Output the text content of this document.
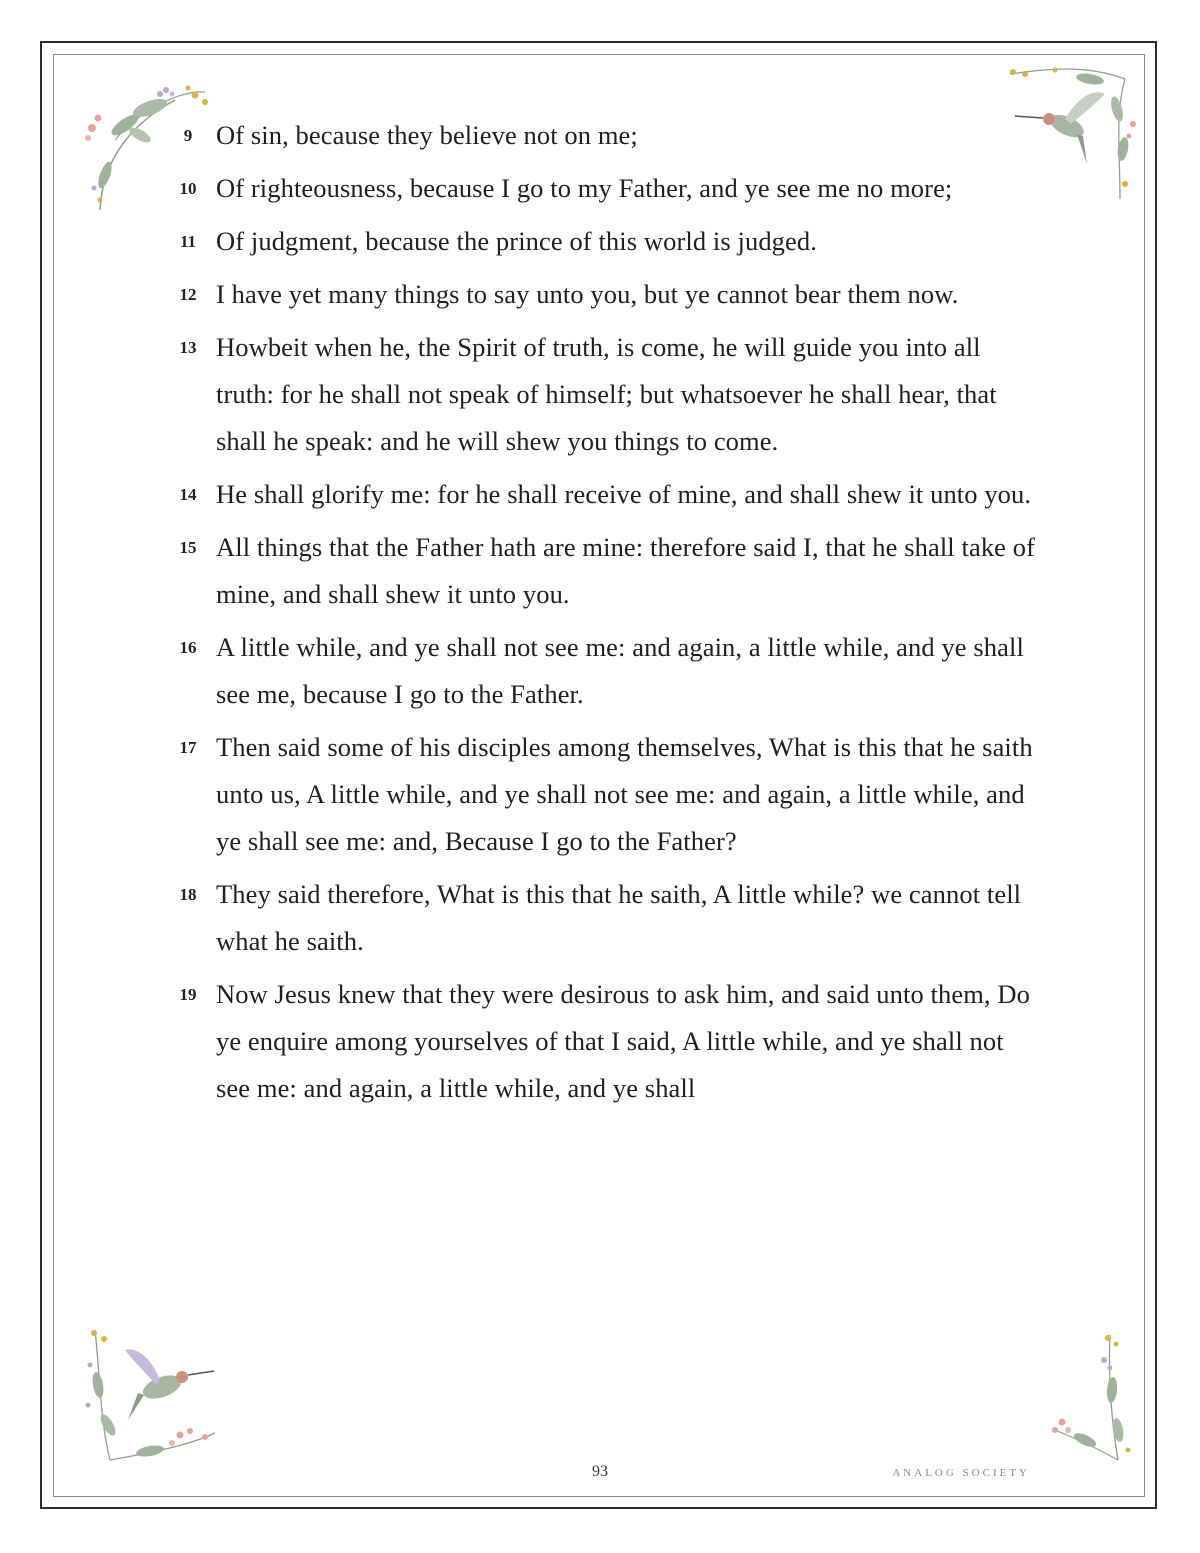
9 Of sin, because they believe not on me;
10 Of righteousness, because I go to my Father, and ye see me no more;
11 Of judgment, because the prince of this world is judged.
12 I have yet many things to say unto you, but ye cannot bear them now.
13 Howbeit when he, the Spirit of truth, is come, he will guide you into all truth: for he shall not speak of himself; but whatsoever he shall hear, that shall he speak: and he will shew you things to come.
14 He shall glorify me: for he shall receive of mine, and shall shew it unto you.
15 All things that the Father hath are mine: therefore said I, that he shall take of mine, and shall shew it unto you.
16 A little while, and ye shall not see me: and again, a little while, and ye shall see me, because I go to the Father.
17 Then said some of his disciples among themselves, What is this that he saith unto us, A little while, and ye shall not see me: and again, a little while, and ye shall see me: and, Because I go to the Father?
18 They said therefore, What is this that he saith, A little while? we cannot tell what he saith.
19 Now Jesus knew that they were desirous to ask him, and said unto them, Do ye enquire among yourselves of that I said, A little while, and ye shall not see me: and again, a little while, and ye shall
93	ANALOG SOCIETY
